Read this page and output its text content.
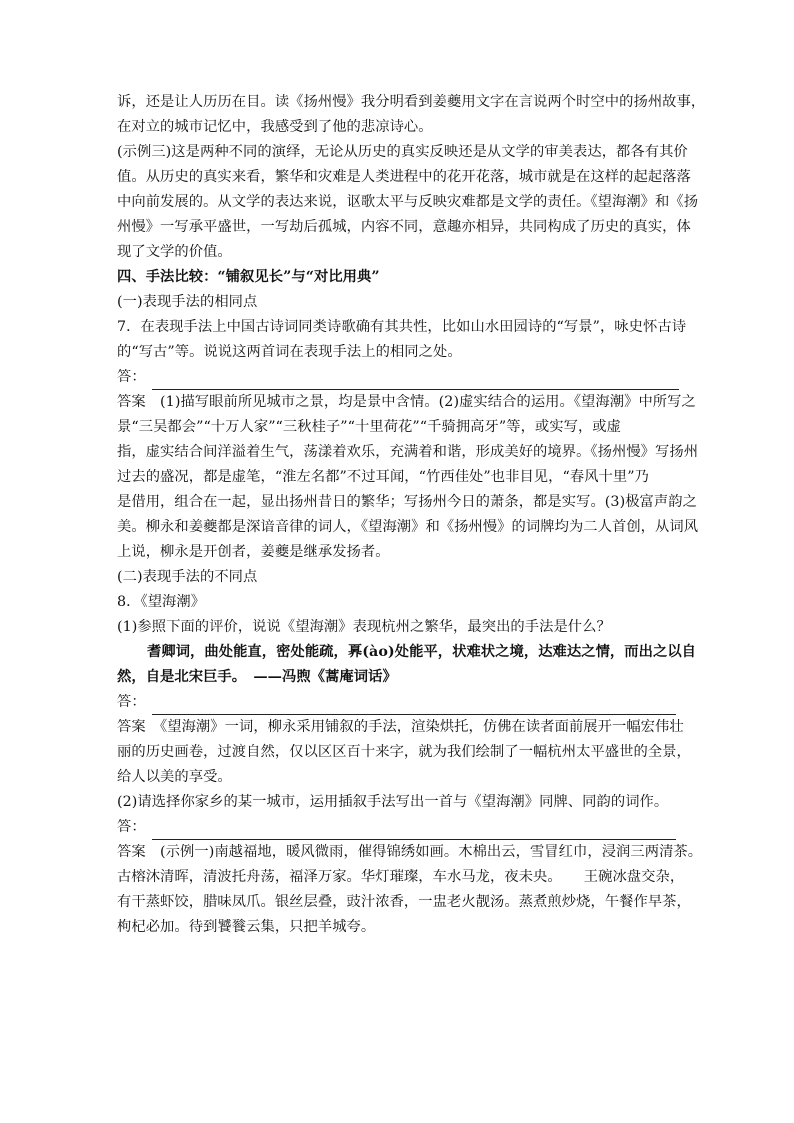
诉，还是让人历历在目。读《扬州慢》我分明看到姜夔用文字在言说两个时空中的扬州故事，
在对立的城市记忆中，我感受到了他的悲凉诗心。
(示例三)这是两种不同的演绎，无论从历史的真实反映还是从文学的审美表达，都各有其价
值。从历史的真实来看，繁华和灾难是人类进程中的花开花落，城市就是在这样的起起落落
中向前发展的。从文学的表达来说，讴歌太平与反映灾难都是文学的责任。《望海潮》和《扬
州慢》一写承平盛世，一写劫后孤城，内容不同，意趣亦相异，共同构成了历史的真实，体
现了文学的价值。
四、手法比较：“铺叙见长”与“对比用典”
(一)表现手法的相同点
7．在表现手法上中国古诗词同类诗歌确有其共性，比如山水田园诗的“写景”，咏史怀古诗
的“写古”等。说说这两首词在表现手法上的相同之处。
答：
答案　(1)描写眼前所见城市之景，均是景中含情。(2)虚实结合的运用。《望海潮》中所写之
景“三吴都会”“十万人家”“三秋桂子”“十里荷花”“千骑拥高牙”等，或实写，或虚
指，虚实结合间洋溢着生气，荡漾着欢乐，充满着和谐，形成美好的境界。《扬州慢》写扬州
过去的盛况，都是虚笔，“淮左名都”不过耳闻，“竹西佳处”也非目见，“春风十里”乃
是借用，组合在一起，显出扬州昔日的繁华；写扬州今日的萧条，都是实写。(3)极富声韵之
美。柳永和姜夔都是深谙音律的词人，《望海潮》和《扬州慢》的词牌均为二人首创，从词风
上说，柳永是开创者，姜夔是继承发扬者。
(二)表现手法的不同点
8．《望海潮》
(1)参照下面的评价，说说《望海潮》表现杭州之繁华，最突出的手法是什么？
耆卿词，曲处能直，密处能疏，奡(ào)处能平，状难状之境，达难达之情，而出之以自
然，自是北宋巨手。　——冯煦《蒿庵词话》
答：
答案　《望海潮》一词，柳永采用铺叙的手法，渲染烘托，仿佛在读者面前展开一幅宏伟壮
丽的历史画卷，过渡自然，仅以区区百十来字，就为我们绘制了一幅杭州太平盛世的全景，
给人以美的享受。
(2)请选择你家乡的某一城市，运用插叙手法写出一首与《望海潮》同牌、同韵的词作。
答：
答案　(示例一)南越福地，暖风微雨，催得锦绣如画。木棉出云，雪冒红巾，浸润三两清茶。
古榕沐清晖，清波托舟荡，福泽万家。华灯璀璨，车水马龙，夜未央。 王碗冰盘交杂，
有干蒸虾饺，腊味凤爪。银丝层叠，豉汁浓香，一盅老火靓汤。蒸煮煎炒烧，午餐作早茶，
枸杞必加。待到饕餮云集，只把羊城夸。
